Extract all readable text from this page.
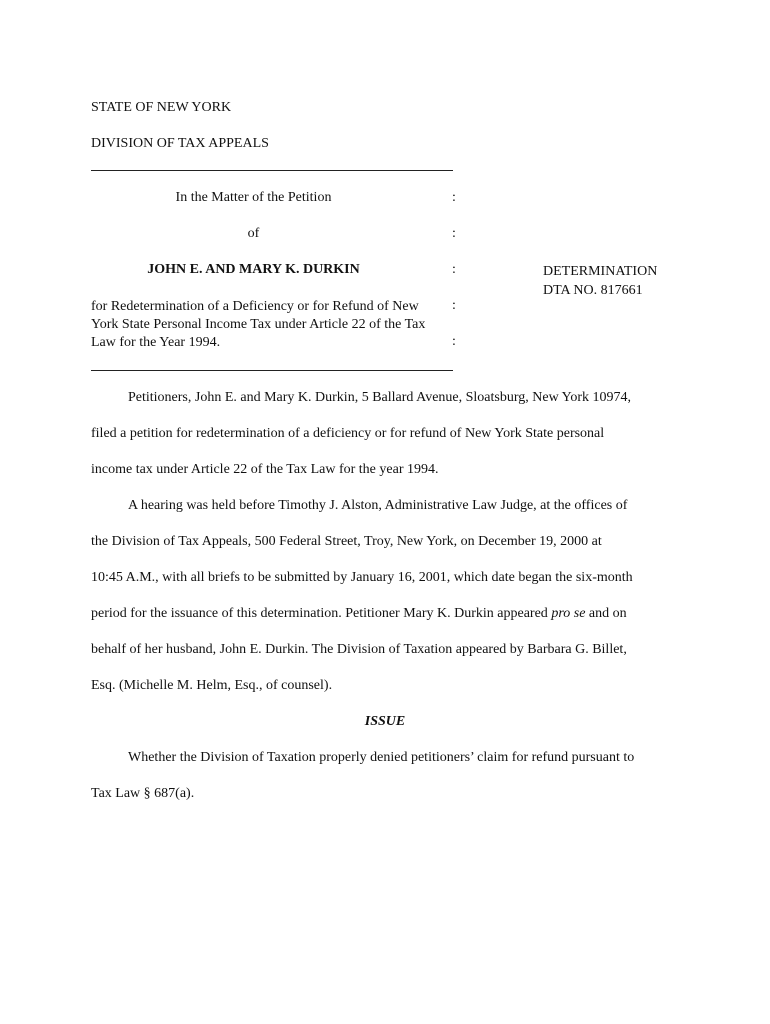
STATE OF NEW YORK
DIVISION OF TAX APPEALS
In the Matter of the Petition
of
JOHN E. AND MARY K. DURKIN
for Redetermination of a Deficiency or for Refund of New York State Personal Income Tax under Article 22 of the Tax Law for the Year 1994.
:
:
:
:
:
DETERMINATION
DTA NO. 817661
Petitioners, John E. and Mary K. Durkin, 5 Ballard Avenue, Sloatsburg, New York 10974,
filed a petition for redetermination of a deficiency or for refund of New York State personal
income tax under Article 22 of the Tax Law for the year 1994.
A hearing was held before Timothy J. Alston, Administrative Law Judge, at the offices of
the Division of Tax Appeals, 500 Federal Street, Troy, New York, on December 19, 2000 at
10:45 A.M., with all briefs to be submitted by January 16, 2001, which date began the six-month
period for the issuance of this determination. Petitioner Mary K. Durkin appeared pro se and on
behalf of her husband, John E. Durkin. The Division of Taxation appeared by Barbara G. Billet,
Esq. (Michelle M. Helm, Esq., of counsel).
ISSUE
Whether the Division of Taxation properly denied petitioners’ claim for refund pursuant to
Tax Law § 687(a).
